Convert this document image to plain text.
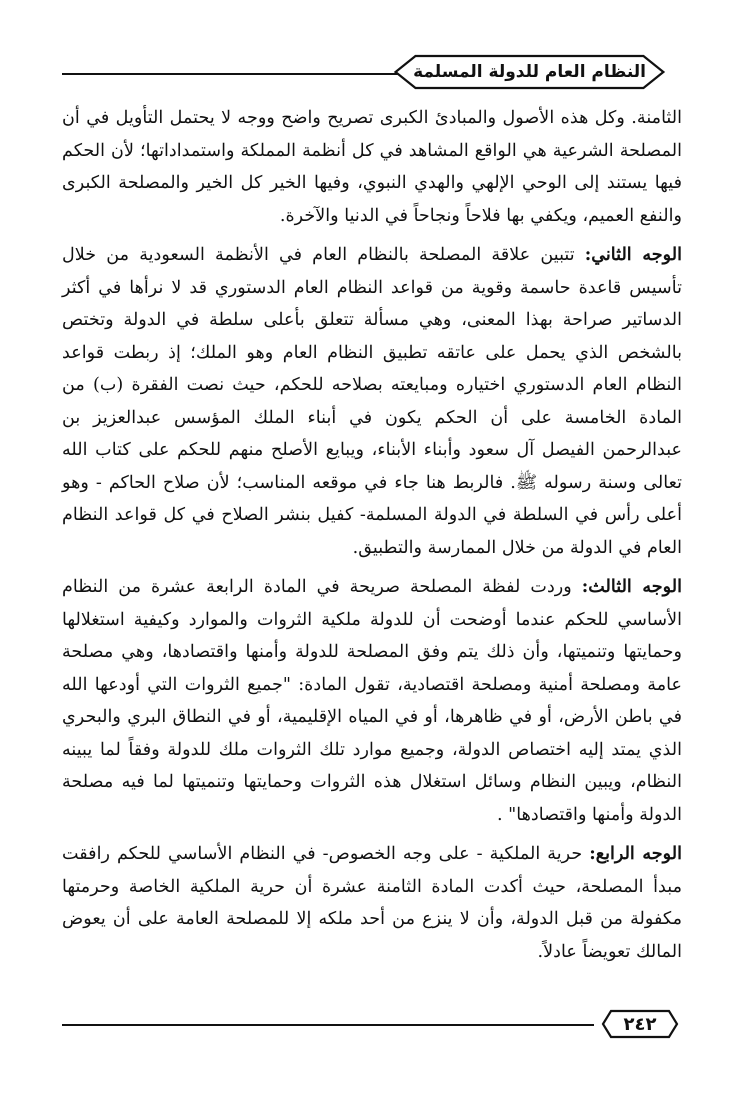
النظام العام للدولة المسلمة

الثامنة. وكل هذه الأصول والمبادئ الكبرى تصريح واضح ووجه لا يحتمل التأويل في أن المصلحة الشرعية هي الواقع المشاهد في كل أنظمة المملكة واستمداداتها؛ لأن الحكم فيها يستند إلى الوحي الإلهي والهدي النبوي، وفيها الخير كل الخير والمصلحة الكبرى والنفع العميم، ويكفي بها فلاحاً ونجاحاً في الدنيا والآخرة.

الوجه الثاني: تتبين علاقة المصلحة بالنظام العام في الأنظمة السعودية من خلال تأسيس قاعدة حاسمة وقوية من قواعد النظام العام الدستوري قد لا نرأها في أكثر الدساتير صراحة بهذا المعنى، وهي مسألة تتعلق بأعلى سلطة في الدولة وتختص بالشخص الذي يحمل على عاتقه تطبيق النظام العام وهو الملك؛ إذ ربطت قواعد النظام العام الدستوري اختياره ومبايعته بصلاحه للحكم، حيث نصت الفقرة (ب) من المادة الخامسة على أن الحكم يكون في أبناء الملك المؤسس عبدالعزيز بن عبدالرحمن الفيصل آل سعود وأبناء الأبناء، ويبايع الأصلح منهم للحكم على كتاب الله تعالى وسنة رسوله ﷺ. فالربط هنا جاء في موقعه المناسب؛ لأن صلاح الحاكم - وهو أعلى رأس في السلطة في الدولة المسلمة- كفيل بنشر الصلاح في كل قواعد النظام العام في الدولة من خلال الممارسة والتطبيق.

الوجه الثالث: وردت لفظة المصلحة صريحة في المادة الرابعة عشرة من النظام الأساسي للحكم عندما أوضحت أن للدولة ملكية الثروات والموارد وكيفية استغلالها وحمايتها وتنميتها، وأن ذلك يتم وفق المصلحة للدولة وأمنها واقتصادها، وهي مصلحة عامة ومصلحة أمنية ومصلحة اقتصادية، تقول المادة: "جميع الثروات التي أودعها الله في باطن الأرض، أو في ظاهرها، أو في المياه الإقليمية، أو في النطاق البري والبحري الذي يمتد إليه اختصاص الدولة، وجميع موارد تلك الثروات ملك للدولة وفقاً لما يبينه النظام، ويبين النظام وسائل استغلال هذه الثروات وحمايتها وتنميتها لما فيه مصلحة الدولة وأمنها واقتصادها" .

الوجه الرابع: حرية الملكية - على وجه الخصوص- في النظام الأساسي للحكم رافقت مبدأ المصلحة، حيث أكدت المادة الثامنة عشرة أن حرية الملكية الخاصة وحرمتها مكفولة من قبل الدولة، وأن لا ينزع من أحد ملكه إلا للمصلحة العامة على أن يعوض المالك تعويضاً عادلاً.

٢٤٢
